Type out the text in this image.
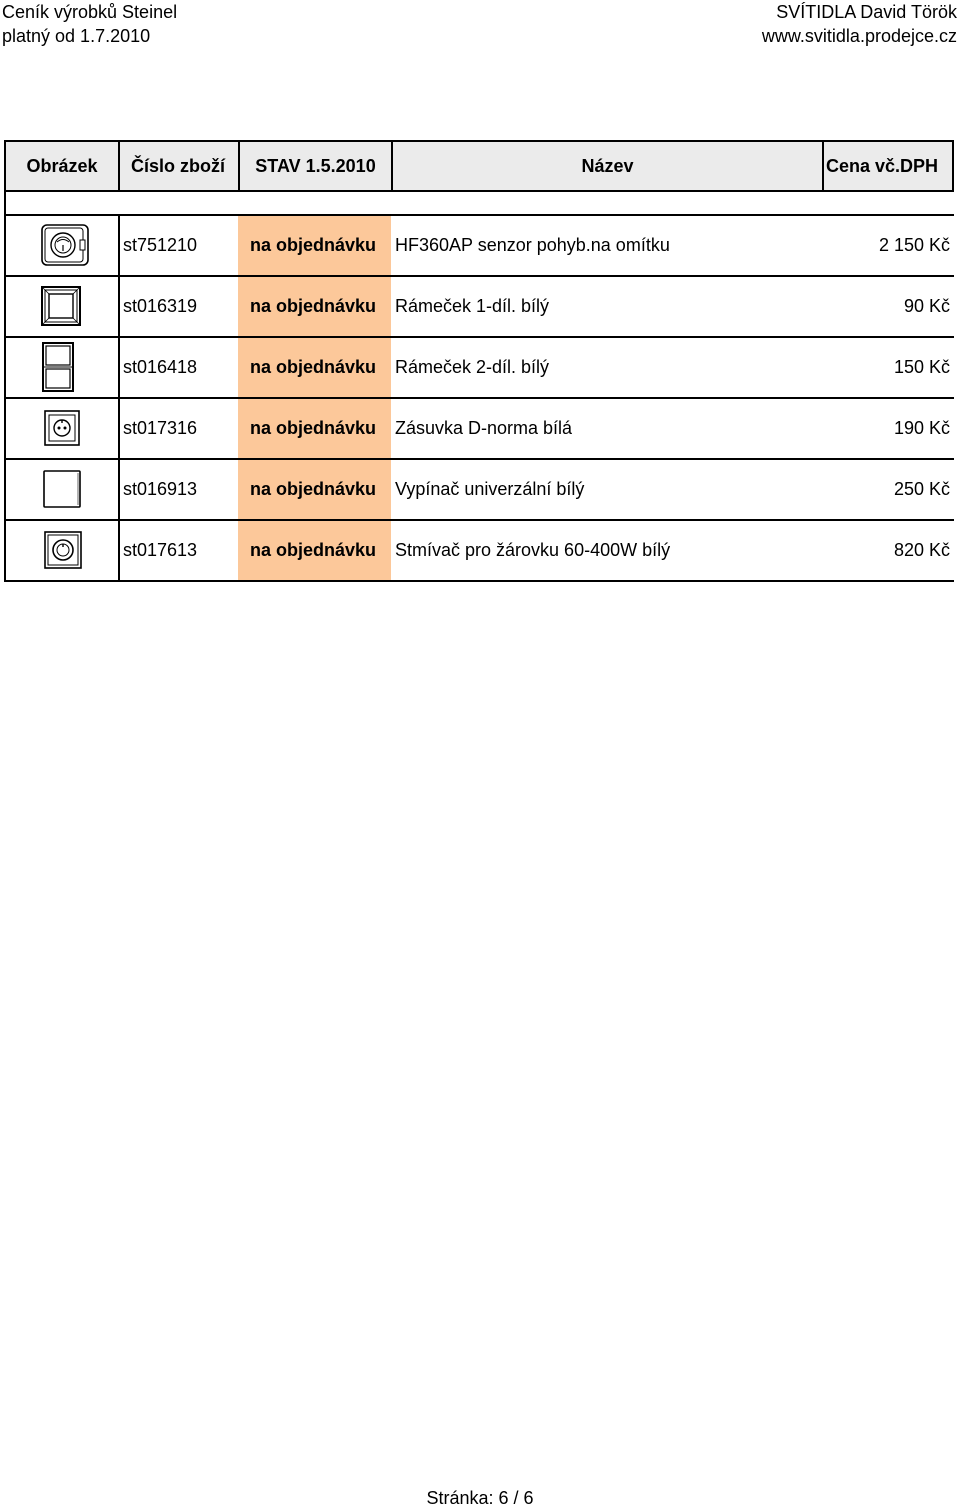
Ceník výrobků Steinel
platný od 1.7.2010
SVÍTIDLA David Török
www.svitidla.prodejce.cz
Obrázek	Číslo zboží	STAV 1.5.2010	Název	Cena vč.DPH
st751210	na objednávku	HF360AP senzor pohyb.na omítku	2 150 Kč
st016319	na objednávku	Rámeček 1-díl. bílý	90 Kč
st016418	na objednávku	Rámeček 2-díl. bílý	150 Kč
st017316	na objednávku	Zásuvka D-norma bílá	190 Kč
st016913	na objednávku	Vypínač univerzální bílý	250 Kč
st017613	na objednávku	Stmívač pro žárovku 60-400W bílý	820 Kč
Stránka: 6 / 6
